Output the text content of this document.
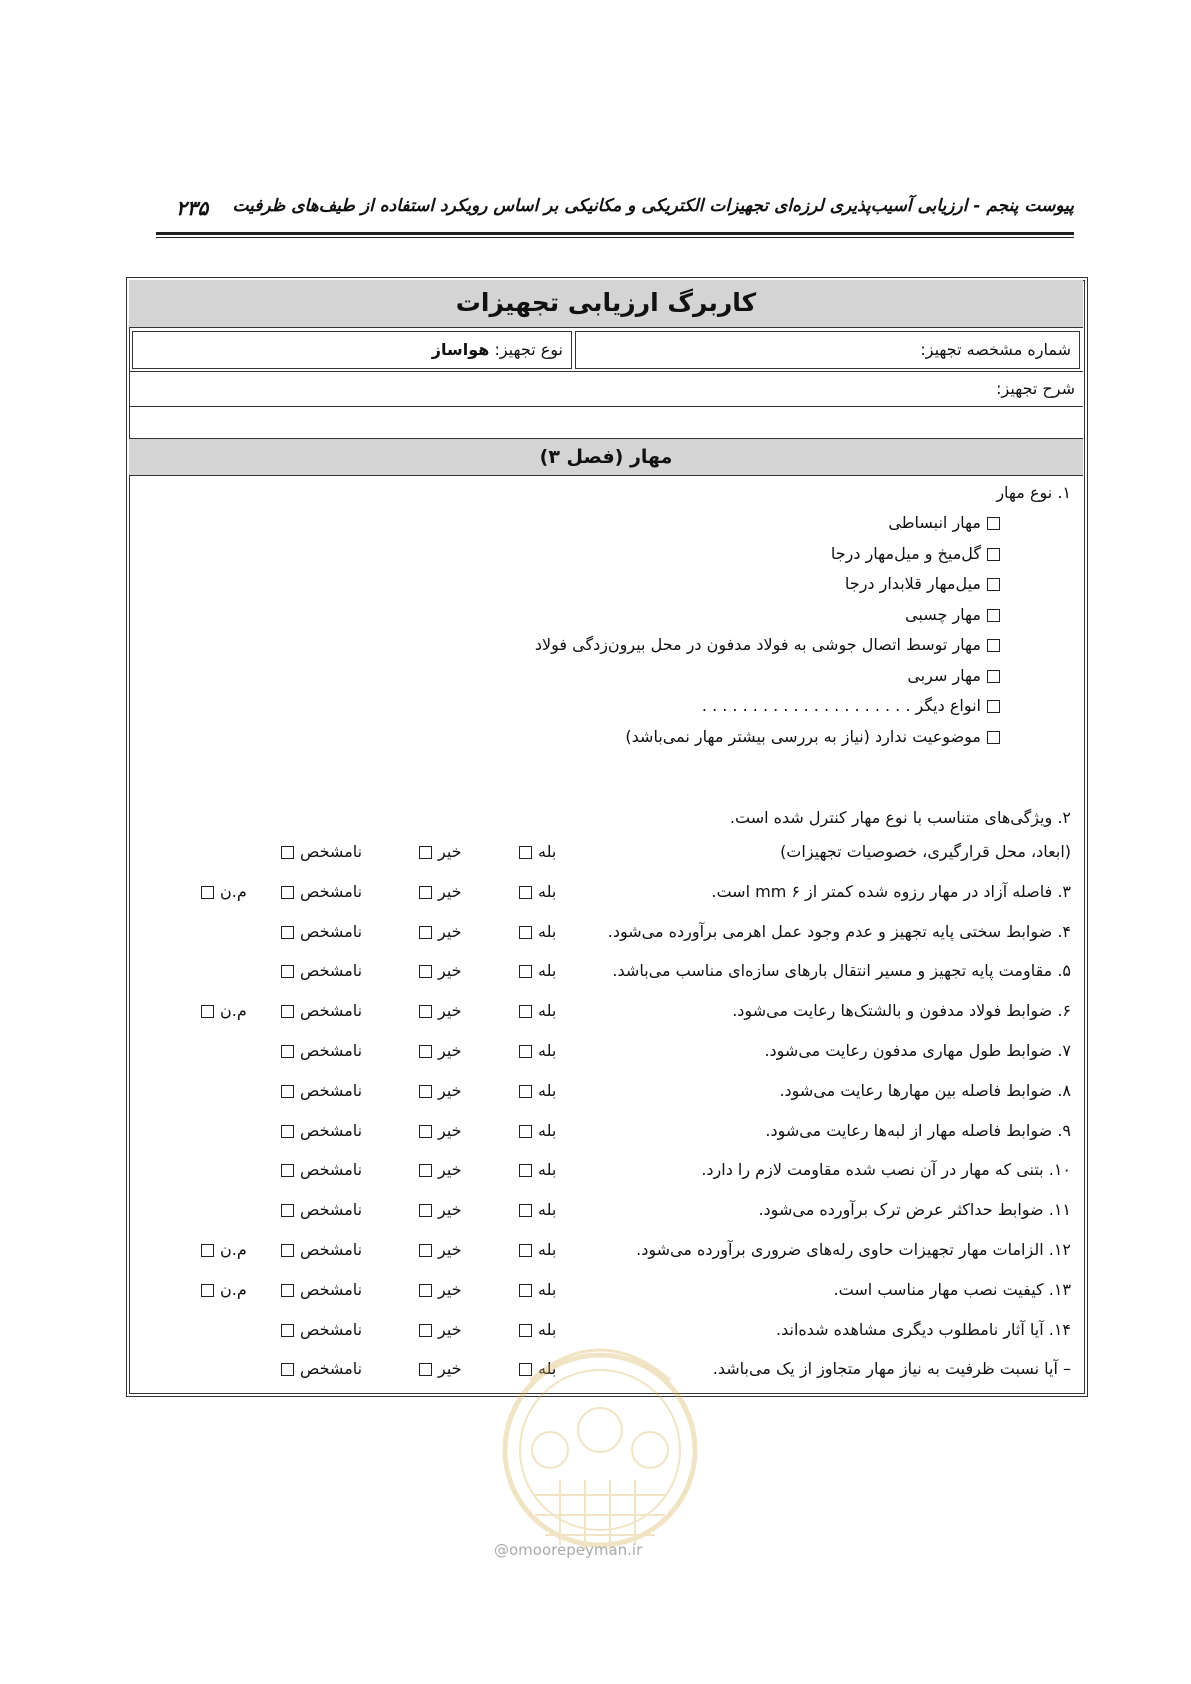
پیوست پنجم - ارزیابی آسیب‌پذیری لرزه‌ای تجهیزات الکتریکی و مکانیکی بر اساس رویکرد استفاده از طیف‌های ظرفیت
۲۳۵
کاربرگ ارزیابی تجهیزات
شماره مشخصه تجهیز:
نوع تجهیز: هواساز
شرح تجهیز:
مهار (فصل ۳)
۱. نوع مهار
مهار انبساطی
گل‌میخ و میل‌مهار درجا
میل‌مهار قلابدار درجا
مهار چسبی
مهار توسط اتصال جوشی به فولاد مدفون در محل بیرون‌زدگی فولاد
مهار سربی
انواع دیگر . . . . . . . . . . . . . . . . . . . . .
موضوعیت ندارد (نیاز به بررسی بیشتر مهار نمی‌باشد)
۲. ویژگی‌های متناسب با نوع مهار کنترل شده است.
(ابعاد، محل قرارگیری، خصوصیات تجهیزات)
بله
خیر
نامشخص
۳. فاصله آزاد در مهار رزوه شده کمتر از mm ۶ است.
بله
خیر
نامشخص
م.ن
۴. ضوابط سختی پایه تجهیز و عدم وجود عمل اهرمی برآورده می‌شود.
بله
خیر
نامشخص
۵. مقاومت پایه تجهیز و مسیر انتقال بارهای سازه‌ای مناسب می‌باشد.
بله
خیر
نامشخص
۶. ضوابط فولاد مدفون و بالشتک‌ها رعایت می‌شود.
بله
خیر
نامشخص
م.ن
۷. ضوابط طول مهاری مدفون رعایت می‌شود.
بله
خیر
نامشخص
۸. ضوابط فاصله بین مهارها رعایت می‌شود.
بله
خیر
نامشخص
۹. ضوابط فاصله مهار از لبه‌ها رعایت می‌شود.
بله
خیر
نامشخص
۱۰. بتنی که مهار در آن نصب شده مقاومت لازم را دارد.
بله
خیر
نامشخص
۱۱. ضوابط حداکثر عرض ترک برآورده می‌شود.
بله
خیر
نامشخص
۱۲. الزامات مهار تجهیزات حاوی رله‌های ضروری برآورده می‌شود.
بله
خیر
نامشخص
م.ن
۱۳. کیفیت نصب مهار مناسب است.
بله
خیر
نامشخص
م.ن
۱۴. آیا آثار نامطلوب دیگری مشاهده شده‌اند.
بله
خیر
نامشخص
– آیا نسبت ظرفیت به نیاز مهار متجاوز از یک می‌باشد.
بله
خیر
نامشخص
@omoorepeyman.ir
